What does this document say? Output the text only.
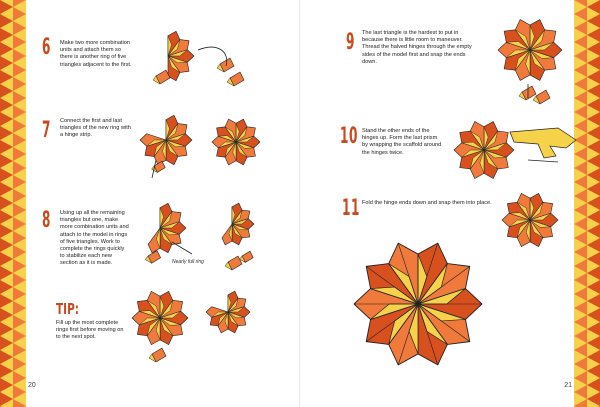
6 Make two more combination units and attach them so there is another ring of five triangles adjacent to the first.
7 Connect the first and last triangles of the new ring with a hinge strip.
8 Using up all the remaining triangles but one, make more combination units and attach to the model in rings of five triangles. Work to complete the rings quickly to stabilize each new section as it is made.	Nearly full ring
TIP:
Fill up the most complete rings first before moving on to the next spot.
20
9 The last triangle is the hardest to put in because there is little room to maneuver. Thread the halved hinges through the empty sides of the model first and snap the ends down.
10 Stand the other ends of the hinges up. Form the last prism by wrapping the scaffold around the hinges twice.
11 Fold the hinge ends down and snap them into place.
21
